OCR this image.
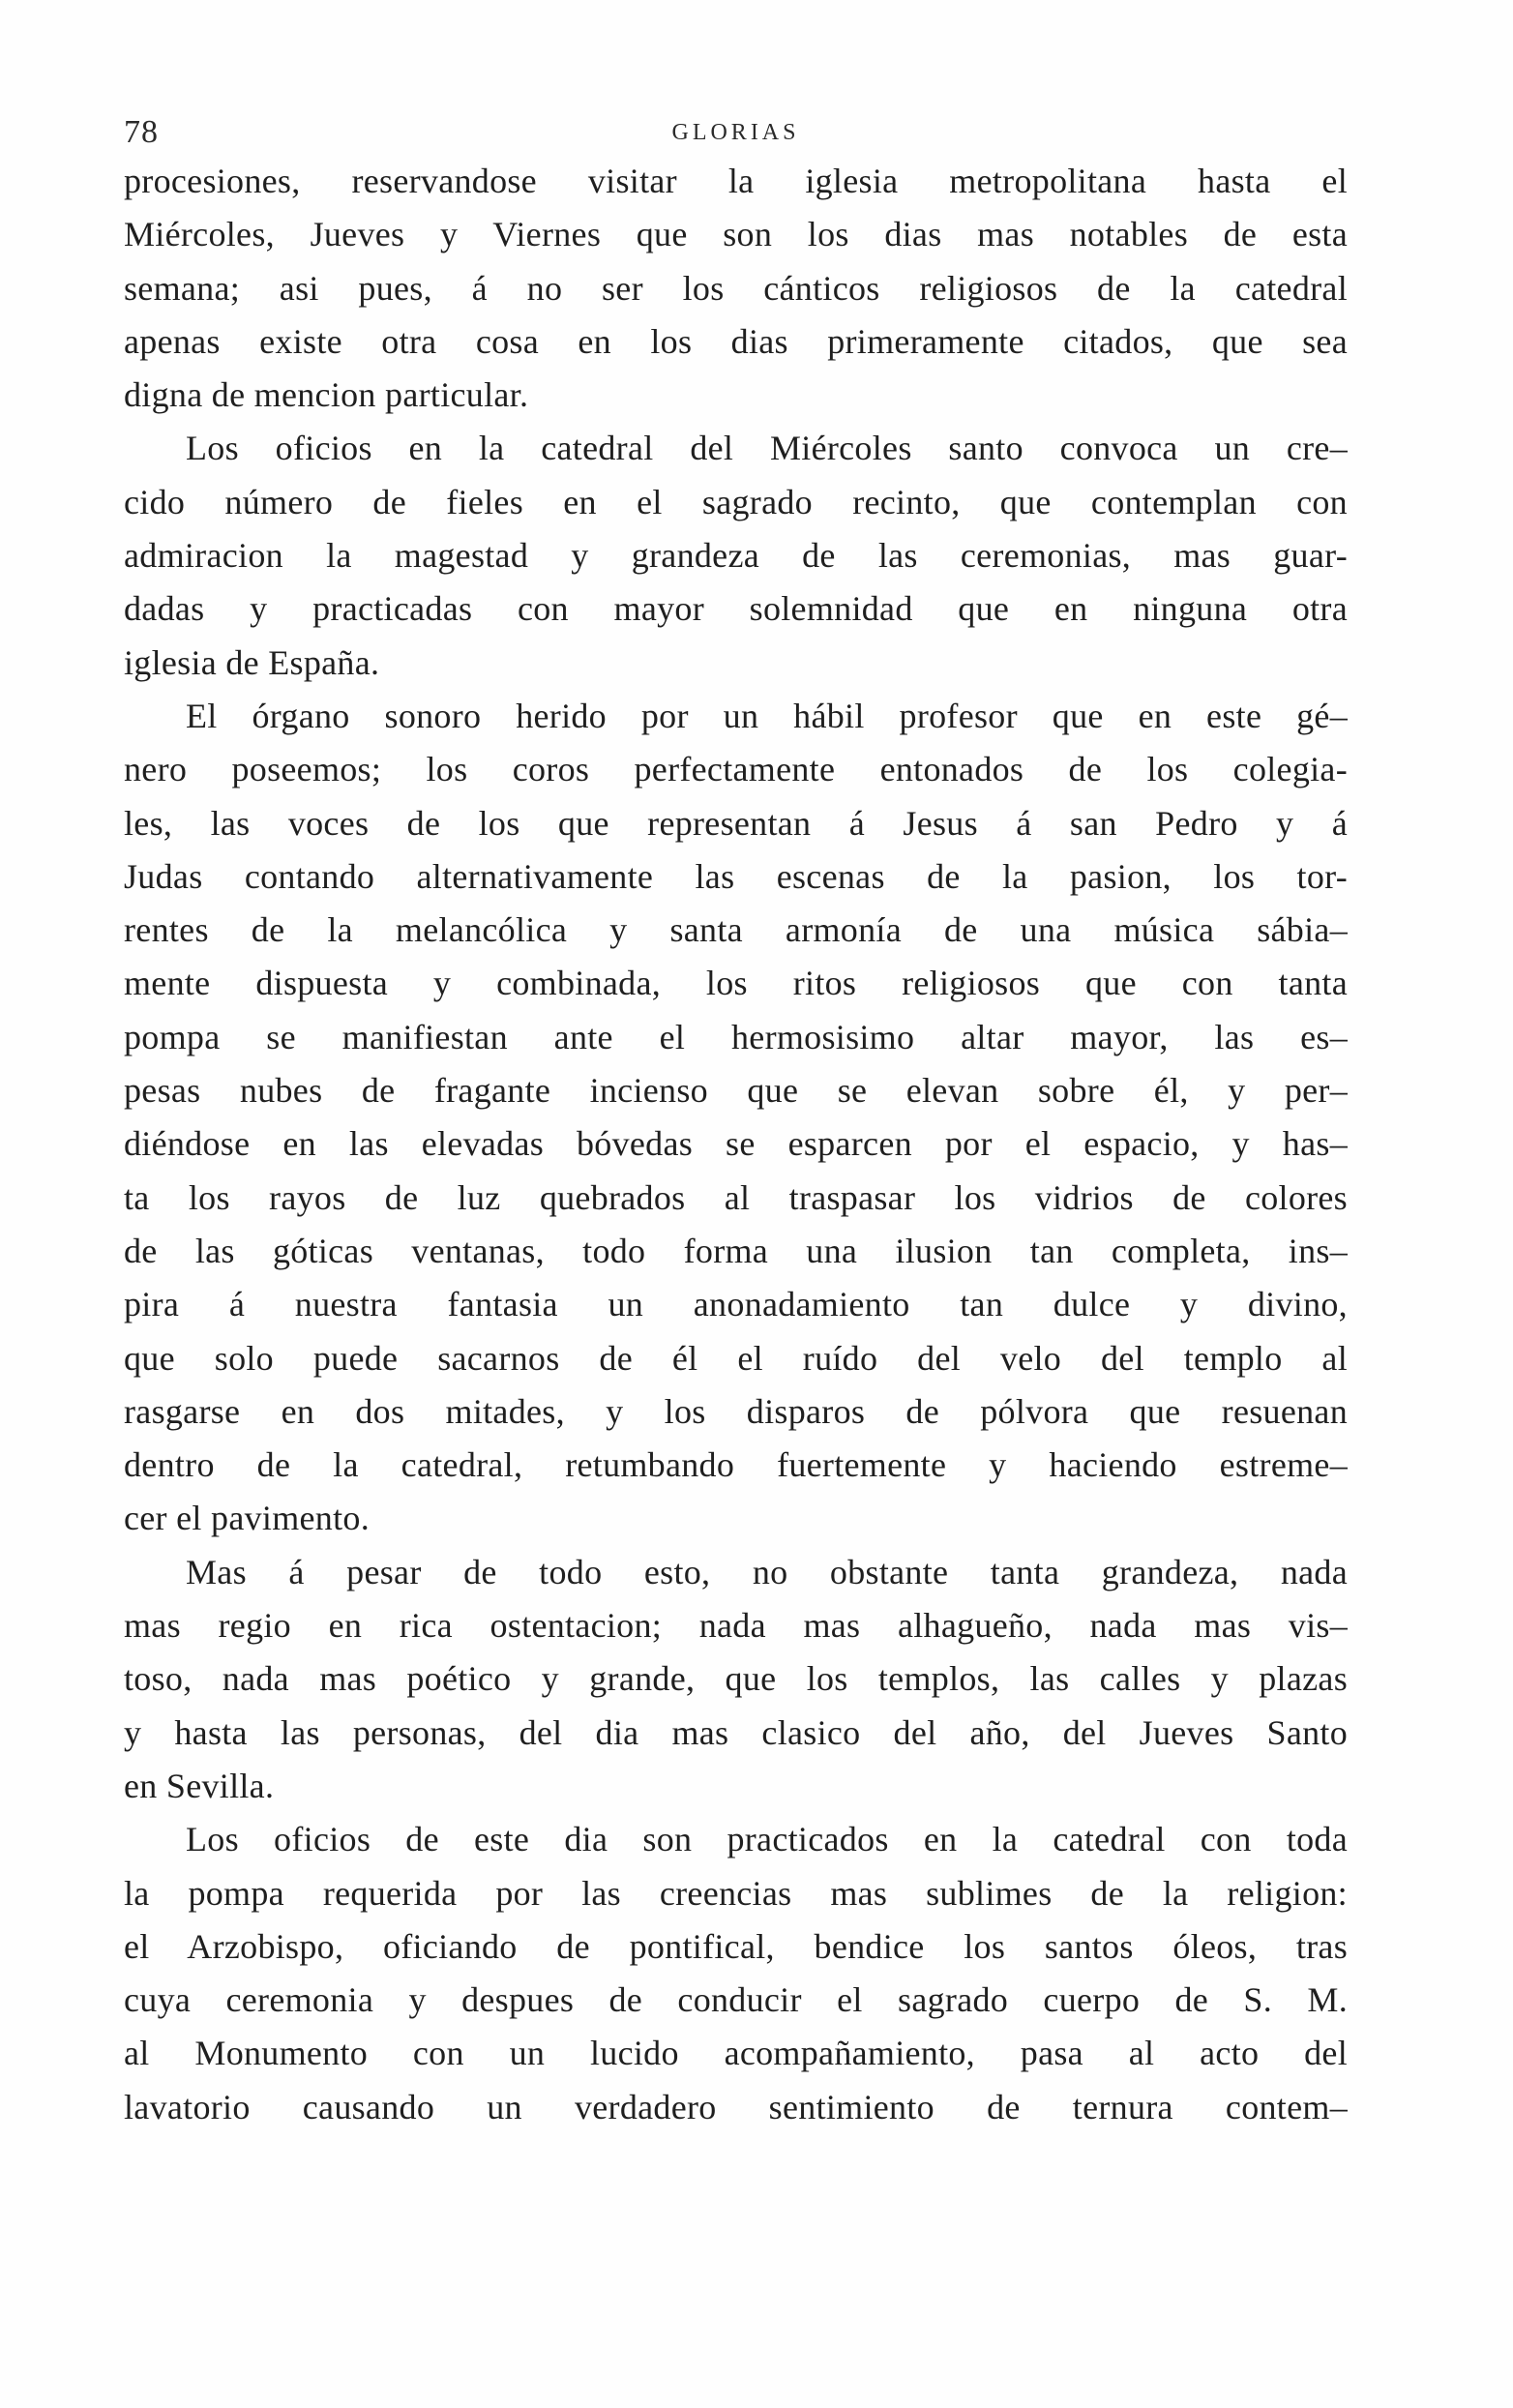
78	GLORIAS
procesiones, reservandose visitar la iglesia metropolitana hasta el
Miércoles, Jueves y Viernes que son los dias mas notables de esta
semana; asi pues, á no ser los cánticos religiosos de la catedral
apenas existe otra cosa en los dias primeramente citados, que sea
digna de mencion particular.
Los oficios en la catedral del Miércoles santo convoca un cre–
cido número de fieles en el sagrado recinto, que contemplan con
admiracion la magestad y grandeza de las ceremonias, mas guar-
dadas y practicadas con mayor solemnidad que en ninguna otra
iglesia de España.
El órgano sonoro herido por un hábil profesor que en este gé–
nero poseemos; los coros perfectamente entonados de los colegia-
les, las voces de los que representan á Jesus á san Pedro y á
Judas contando alternativamente las escenas de la pasion, los tor-
rentes de la melancólica y santa armonía de una música sábia–
mente dispuesta y combinada, los ritos religiosos que con tanta
pompa se manifiestan ante el hermosisimo altar mayor, las es–
pesas nubes de fragante incienso que se elevan sobre él, y per–
diéndose en las elevadas bóvedas se esparcen por el espacio, y has–
ta los rayos de luz quebrados al traspasar los vidrios de colores
de las góticas ventanas, todo forma una ilusion tan completa, ins–
pira á nuestra fantasia un anonadamiento tan dulce y divino,
que solo puede sacarnos de él el ruído del velo del templo al
rasgarse en dos mitades, y los disparos de pólvora que resuenan
dentro de la catedral, retumbando fuertemente y haciendo estreme–
cer el pavimento.
Mas á pesar de todo esto, no obstante tanta grandeza, nada
mas regio en rica ostentacion; nada mas alhagueño, nada mas vis–
toso, nada mas poético y grande, que los templos, las calles y plazas
y hasta las personas, del dia mas clasico del año, del Jueves Santo
en Sevilla.
Los oficios de este dia son practicados en la catedral con toda
la pompa requerida por las creencias mas sublimes de la religion:
el Arzobispo, oficiando de pontifical, bendice los santos óleos, tras
cuya ceremonia y despues de conducir el sagrado cuerpo de S. M.
al Monumento con un lucido acompañamiento, pasa al acto del
lavatorio causando un verdadero sentimiento de ternura contem–
